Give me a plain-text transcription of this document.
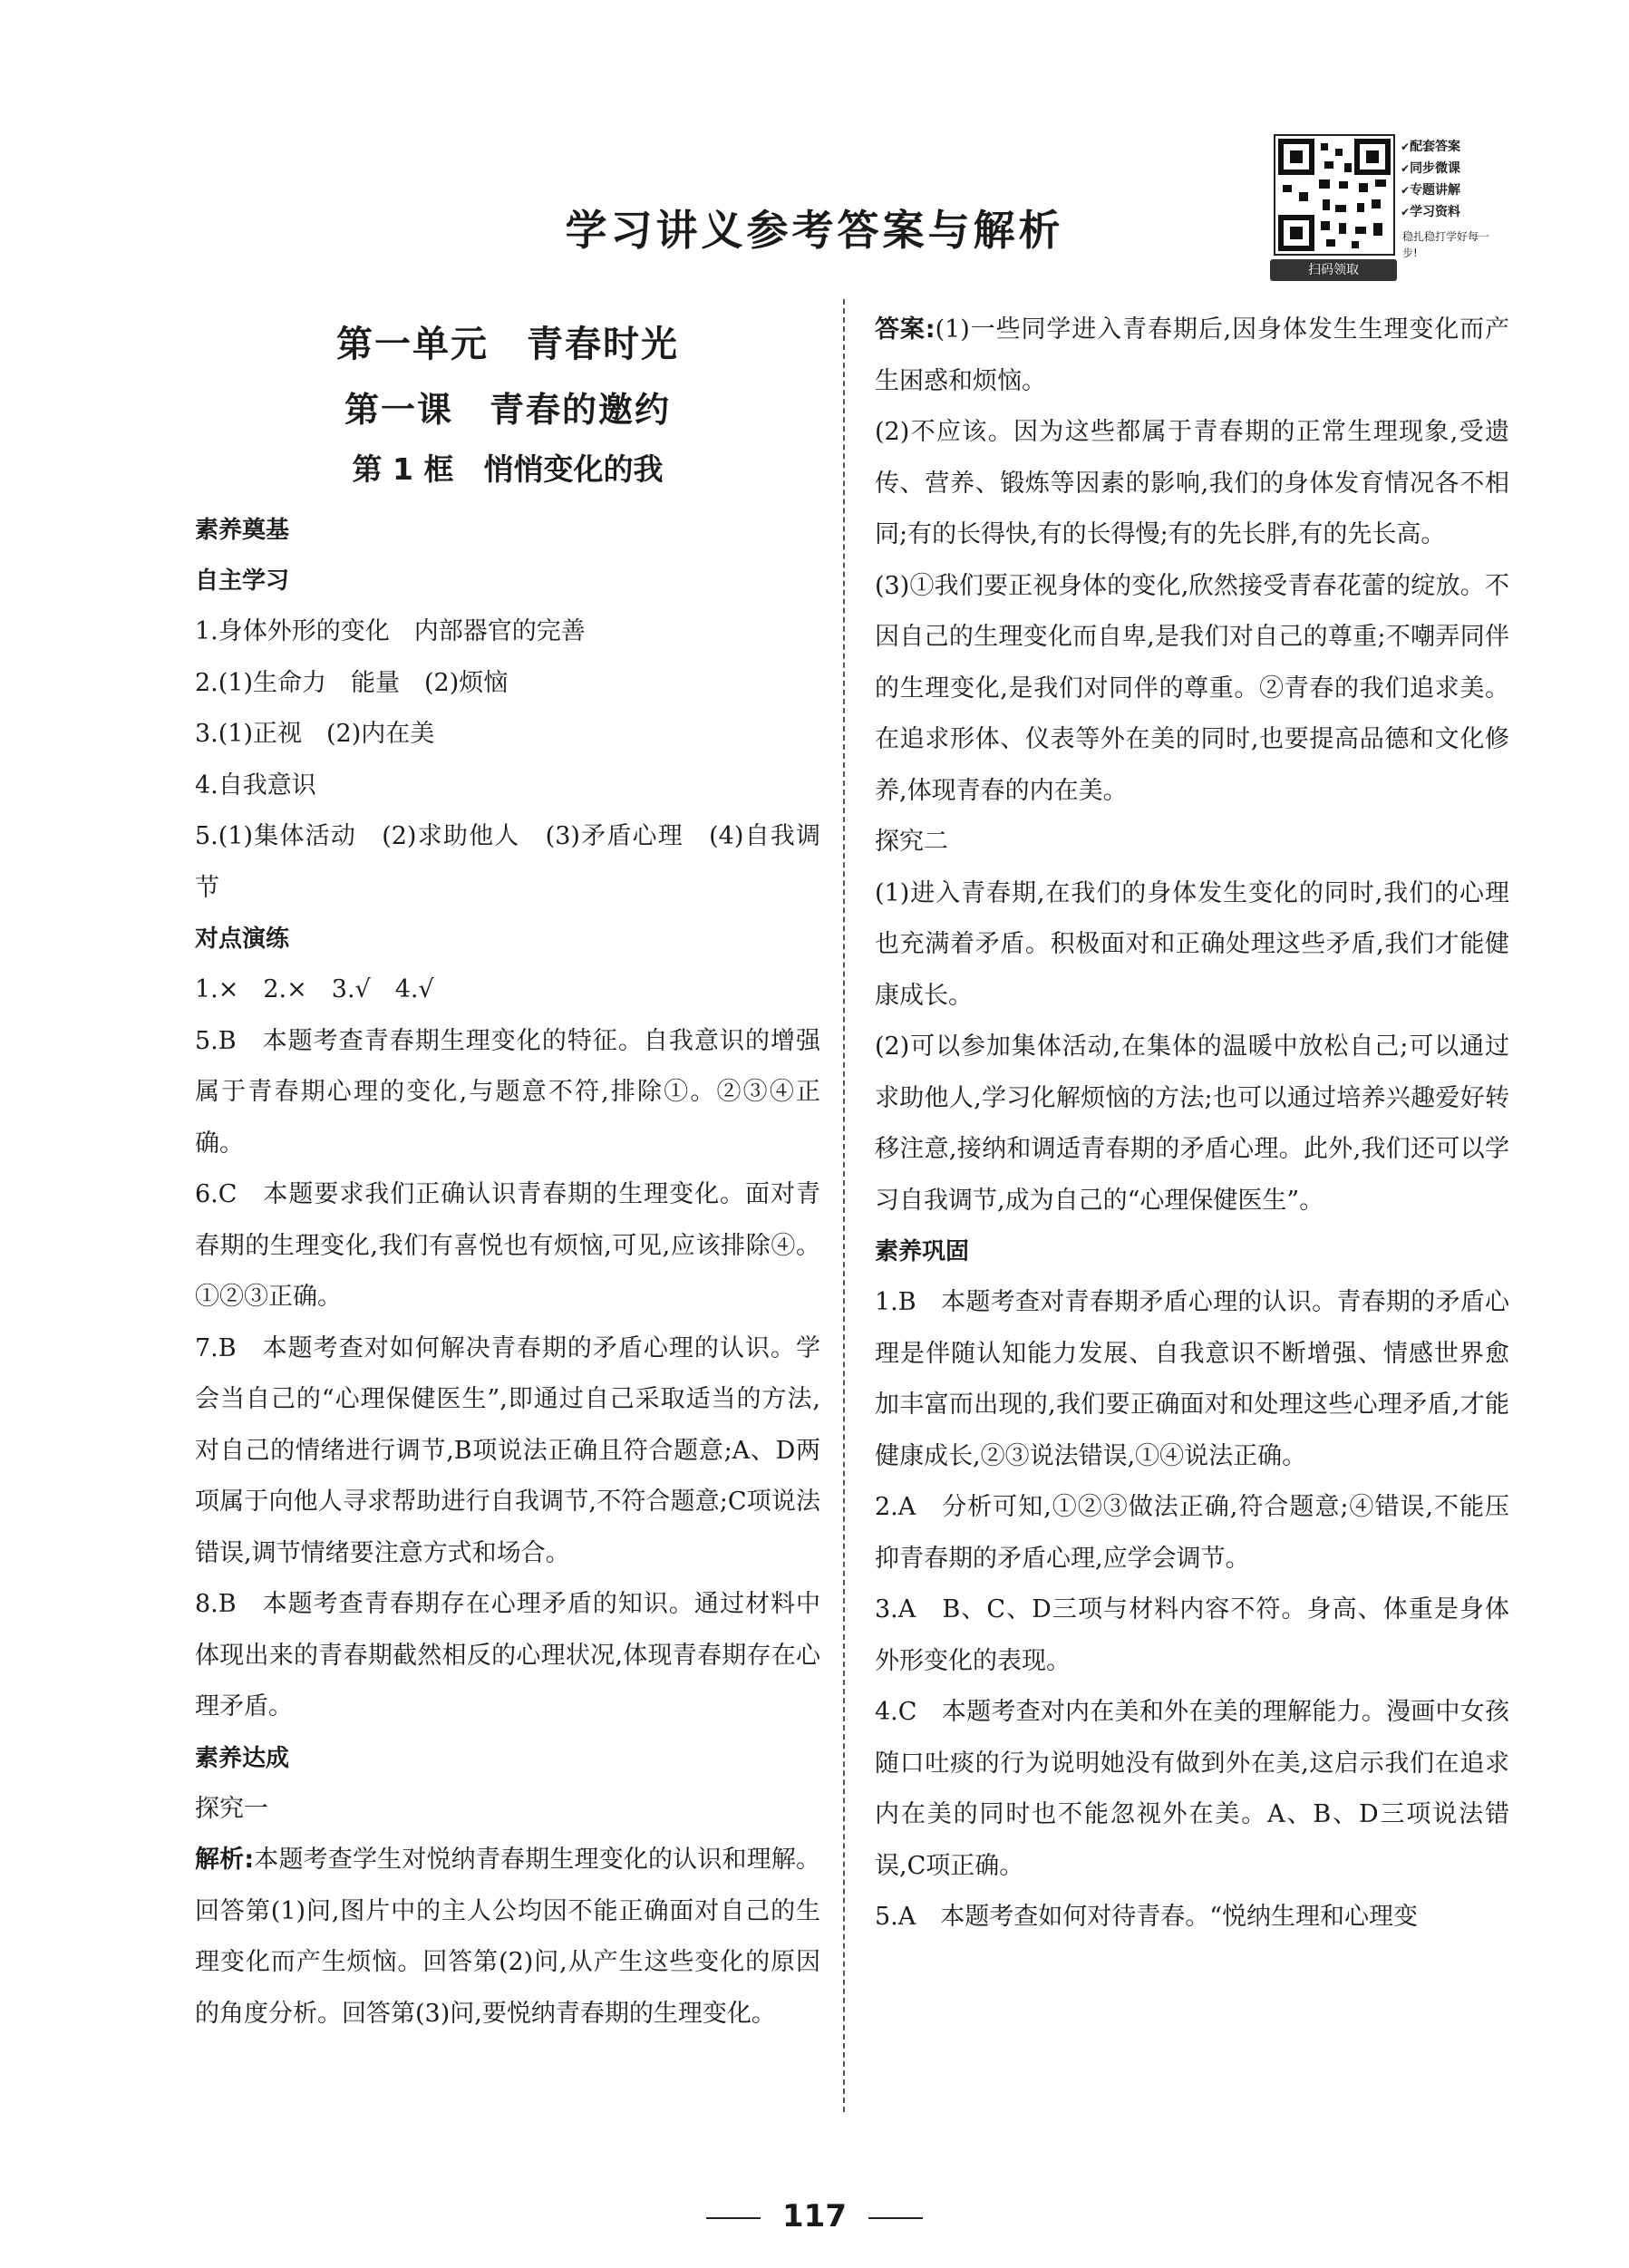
学习讲义参考答案与解析
扫码领取
✔ 配套答案
✔ 同步微课
✔ 专题讲解
✔ 学习资料
稳扎稳打学好每一步!
第一单元　青春时光
第一课　青春的邀约
第 1 框　悄悄变化的我
素养奠基
自主学习
1.身体外形的变化　内部器官的完善
2.(1)生命力　能量　(2)烦恼
3.(1)正视　(2)内在美
4.自我意识
5.(1)集体活动　(2)求助他人　(3)矛盾心理　(4)自我调节
对点演练
1.×　2.×　3.√　4.√
5.B　本题考查青春期生理变化的特征。自我意识的增强属于青春期心理的变化,与题意不符,排除①。②③④正确。
6.C　本题要求我们正确认识青春期的生理变化。面对青春期的生理变化,我们有喜悦也有烦恼,可见,应该排除④。①②③正确。
7.B　本题考查对如何解决青春期的矛盾心理的认识。学会当自己的“心理保健医生”,即通过自己采取适当的方法,对自己的情绪进行调节,B项说法正确且符合题意;A、D两项属于向他人寻求帮助进行自我调节,不符合题意;C项说法错误,调节情绪要注意方式和场合。
8.B　本题考查青春期存在心理矛盾的知识。通过材料中体现出来的青春期截然相反的心理状况,体现青春期存在心理矛盾。
素养达成
探究一
解析:本题考查学生对悦纳青春期生理变化的认识和理解。回答第(1)问,图片中的主人公均因不能正确面对自己的生理变化而产生烦恼。回答第(2)问,从产生这些变化的原因的角度分析。回答第(3)问,要悦纳青春期的生理变化。
答案:(1)一些同学进入青春期后,因身体发生生理变化而产生困惑和烦恼。
(2)不应该。因为这些都属于青春期的正常生理现象,受遗传、营养、锻炼等因素的影响,我们的身体发育情况各不相同;有的长得快,有的长得慢;有的先长胖,有的先长高。
(3)①我们要正视身体的变化,欣然接受青春花蕾的绽放。不因自己的生理变化而自卑,是我们对自己的尊重;不嘲弄同伴的生理变化,是我们对同伴的尊重。②青春的我们追求美。在追求形体、仪表等外在美的同时,也要提高品德和文化修养,体现青春的内在美。
探究二
(1)进入青春期,在我们的身体发生变化的同时,我们的心理也充满着矛盾。积极面对和正确处理这些矛盾,我们才能健康成长。
(2)可以参加集体活动,在集体的温暖中放松自己;可以通过求助他人,学习化解烦恼的方法;也可以通过培养兴趣爱好转移注意,接纳和调适青春期的矛盾心理。此外,我们还可以学习自我调节,成为自己的“心理保健医生”。
素养巩固
1.B　本题考查对青春期矛盾心理的认识。青春期的矛盾心理是伴随认知能力发展、自我意识不断增强、情感世界愈加丰富而出现的,我们要正确面对和处理这些心理矛盾,才能健康成长,②③说法错误,①④说法正确。
2.A　分析可知,①②③做法正确,符合题意;④错误,不能压抑青春期的矛盾心理,应学会调节。
3.A　B、C、D三项与材料内容不符。身高、体重是身体外形变化的表现。
4.C　本题考查对内在美和外在美的理解能力。漫画中女孩随口吐痰的行为说明她没有做到外在美,这启示我们在追求内在美的同时也不能忽视外在美。A、B、D三项说法错误,C项正确。
5.A　本题考查如何对待青春。“悦纳生理和心理变
117
